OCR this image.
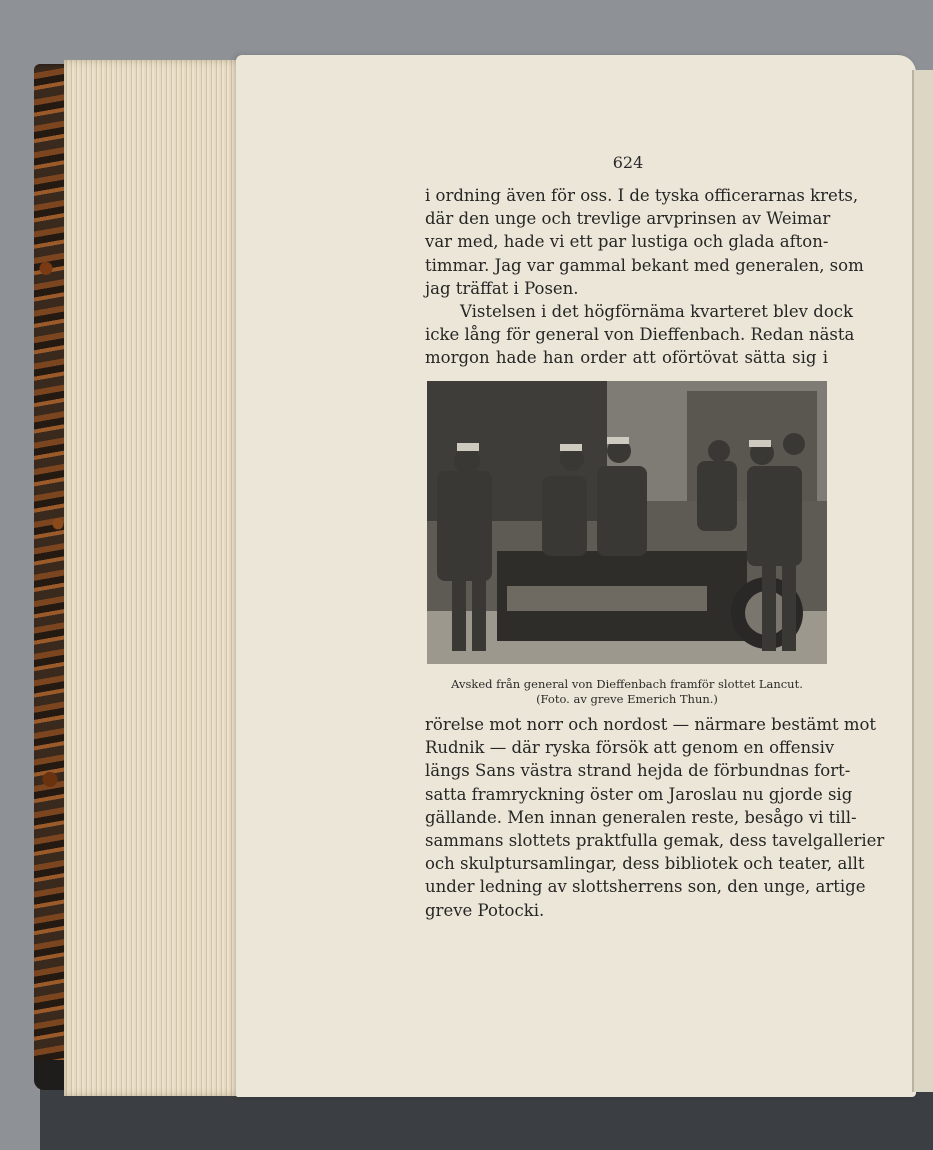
624
i ordning även för oss. I de tyska officerarnas krets,
där den unge och trevlige arvprinsen av Weimar
var med, hade vi ett par lustiga och glada afton-
timmar. Jag var gammal bekant med generalen, som
jag träffat i Posen.
Vistelsen i det högförnäma kvarteret blev dock
icke lång för general von Dieffenbach. Redan nästa
morgon hade han order att oförtövat sätta sig i
Avsked från general von Dieffenbach framför slottet Lancut.
(Foto. av greve Emerich Thun.)
rörelse mot norr och nordost — närmare bestämt mot
Rudnik — där ryska försök att genom en offensiv
längs Sans västra strand hejda de förbundnas fort-
satta framryckning öster om Jaroslau nu gjorde sig
gällande. Men innan generalen reste, besågo vi till-
sammans slottets praktfulla gemak, dess tavelgallerier
och skulptursamlingar, dess bibliotek och teater, allt
under ledning av slottsherrens son, den unge, artige
greve Potocki.
